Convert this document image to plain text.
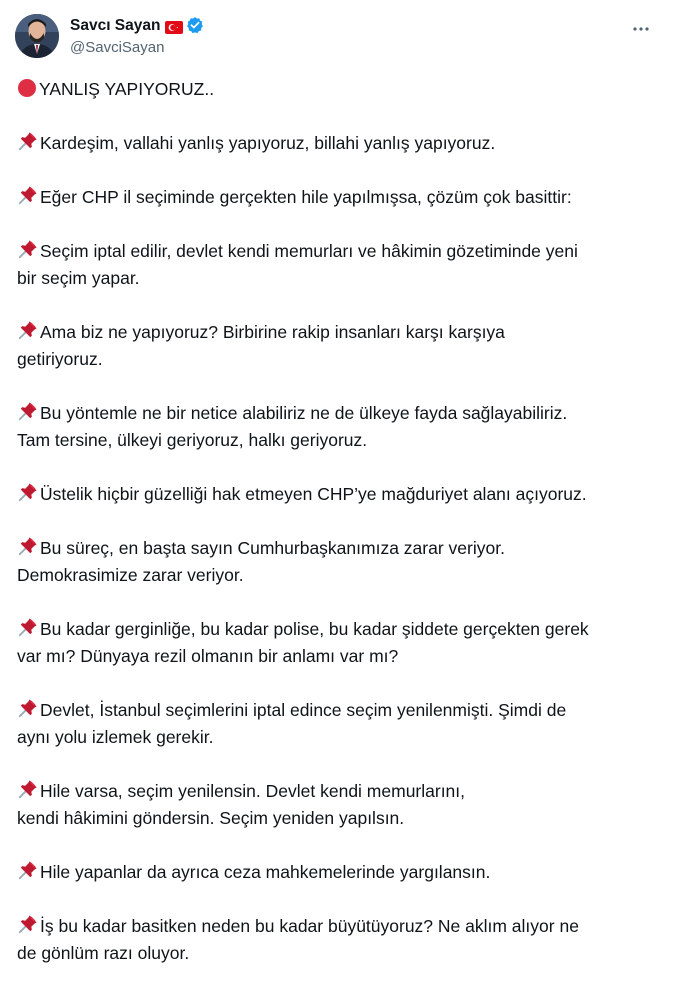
Savcı Sayan
@SavciSayan
YANLIŞ YAPIYORUZ..
Kardeşim, vallahi yanlış yapıyoruz, billahi yanlış yapıyoruz.
Eğer CHP il seçiminde gerçekten hile yapılmışsa, çözüm çok basittir:
Seçim iptal edilir, devlet kendi memurları ve hâkimin gözetiminde yeni
bir seçim yapar.
Ama biz ne yapıyoruz? Birbirine rakip insanları karşı karşıya
getiriyoruz.
Bu yöntemle ne bir netice alabiliriz ne de ülkeye fayda sağlayabiliriz.
Tam tersine, ülkeyi geriyoruz, halkı geriyoruz.
Üstelik hiçbir güzelliği hak etmeyen CHP’ye mağduriyet alanı açıyoruz.
Bu süreç, en başta sayın Cumhurbaşkanımıza zarar veriyor.
Demokrasimize zarar veriyor.
Bu kadar gerginliğe, bu kadar polise, bu kadar şiddete gerçekten gerek
var mı? Dünyaya rezil olmanın bir anlamı var mı?
Devlet, İstanbul seçimlerini iptal edince seçim yenilenmişti. Şimdi de
aynı yolu izlemek gerekir.
Hile varsa, seçim yenilensin. Devlet kendi memurlarını,
kendi hâkimini göndersin. Seçim yeniden yapılsın.
Hile yapanlar da ayrıca ceza mahkemelerinde yargılansın.
İş bu kadar basitken neden bu kadar büyütüyoruz? Ne aklım alıyor ne
de gönlüm razı oluyor.
